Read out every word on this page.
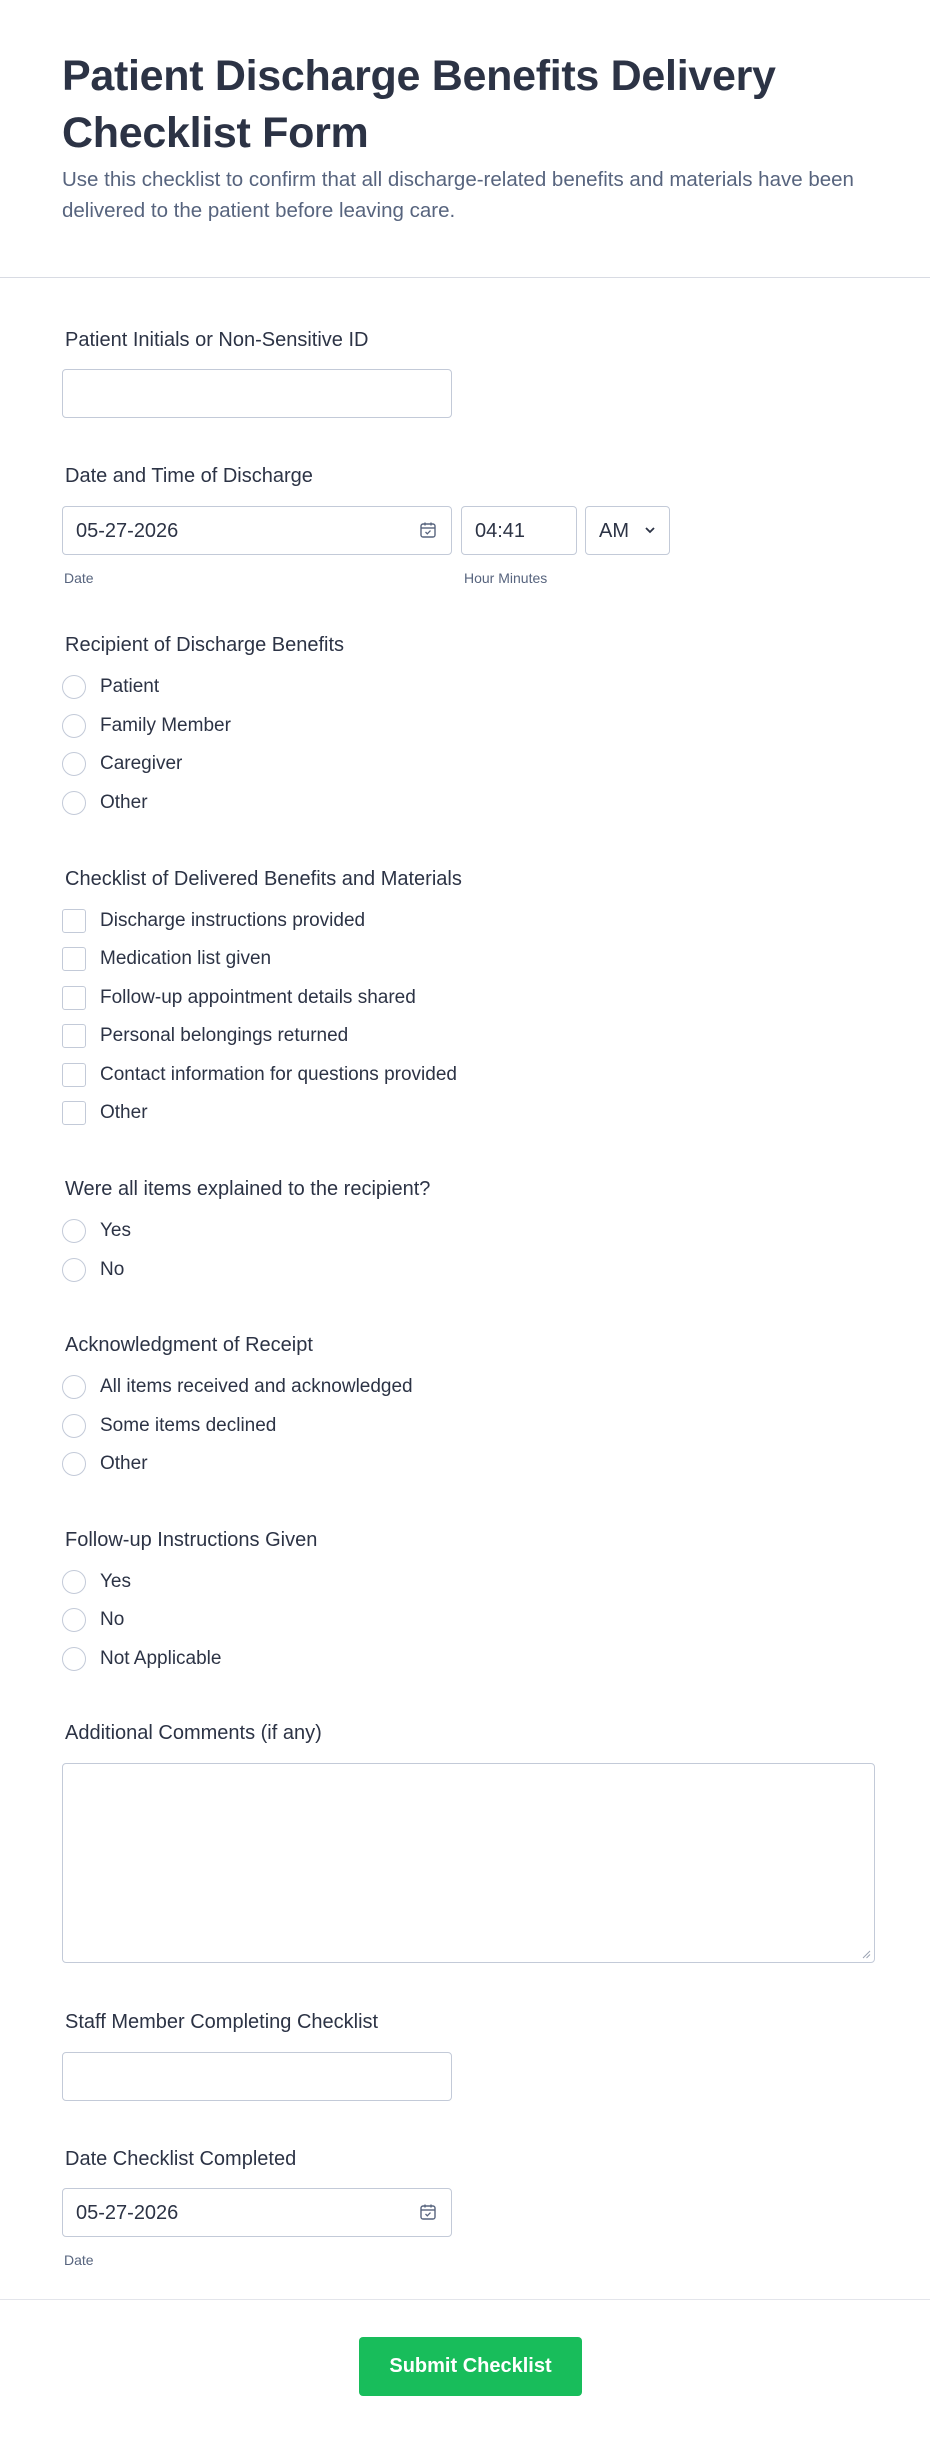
Patient Discharge Benefits Delivery Checklist Form

Use this checklist to confirm that all discharge-related benefits and materials have been delivered to the patient before leaving care.

Patient Initials or Non-Sensitive ID
Date and Time of Discharge
05-27-2026	04:41	AM
Date	Hour Minutes
Recipient of Discharge Benefits
Patient
Family Member
Caregiver
Other
Checklist of Delivered Benefits and Materials
Discharge instructions provided
Medication list given
Follow-up appointment details shared
Personal belongings returned
Contact information for questions provided
Other
Were all items explained to the recipient?
Yes
No
Acknowledgment of Receipt
All items received and acknowledged
Some items declined
Other
Follow-up Instructions Given
Yes
No
Not Applicable
Additional Comments (if any)
Staff Member Completing Checklist
Date Checklist Completed
05-27-2026
Date
Submit Checklist
